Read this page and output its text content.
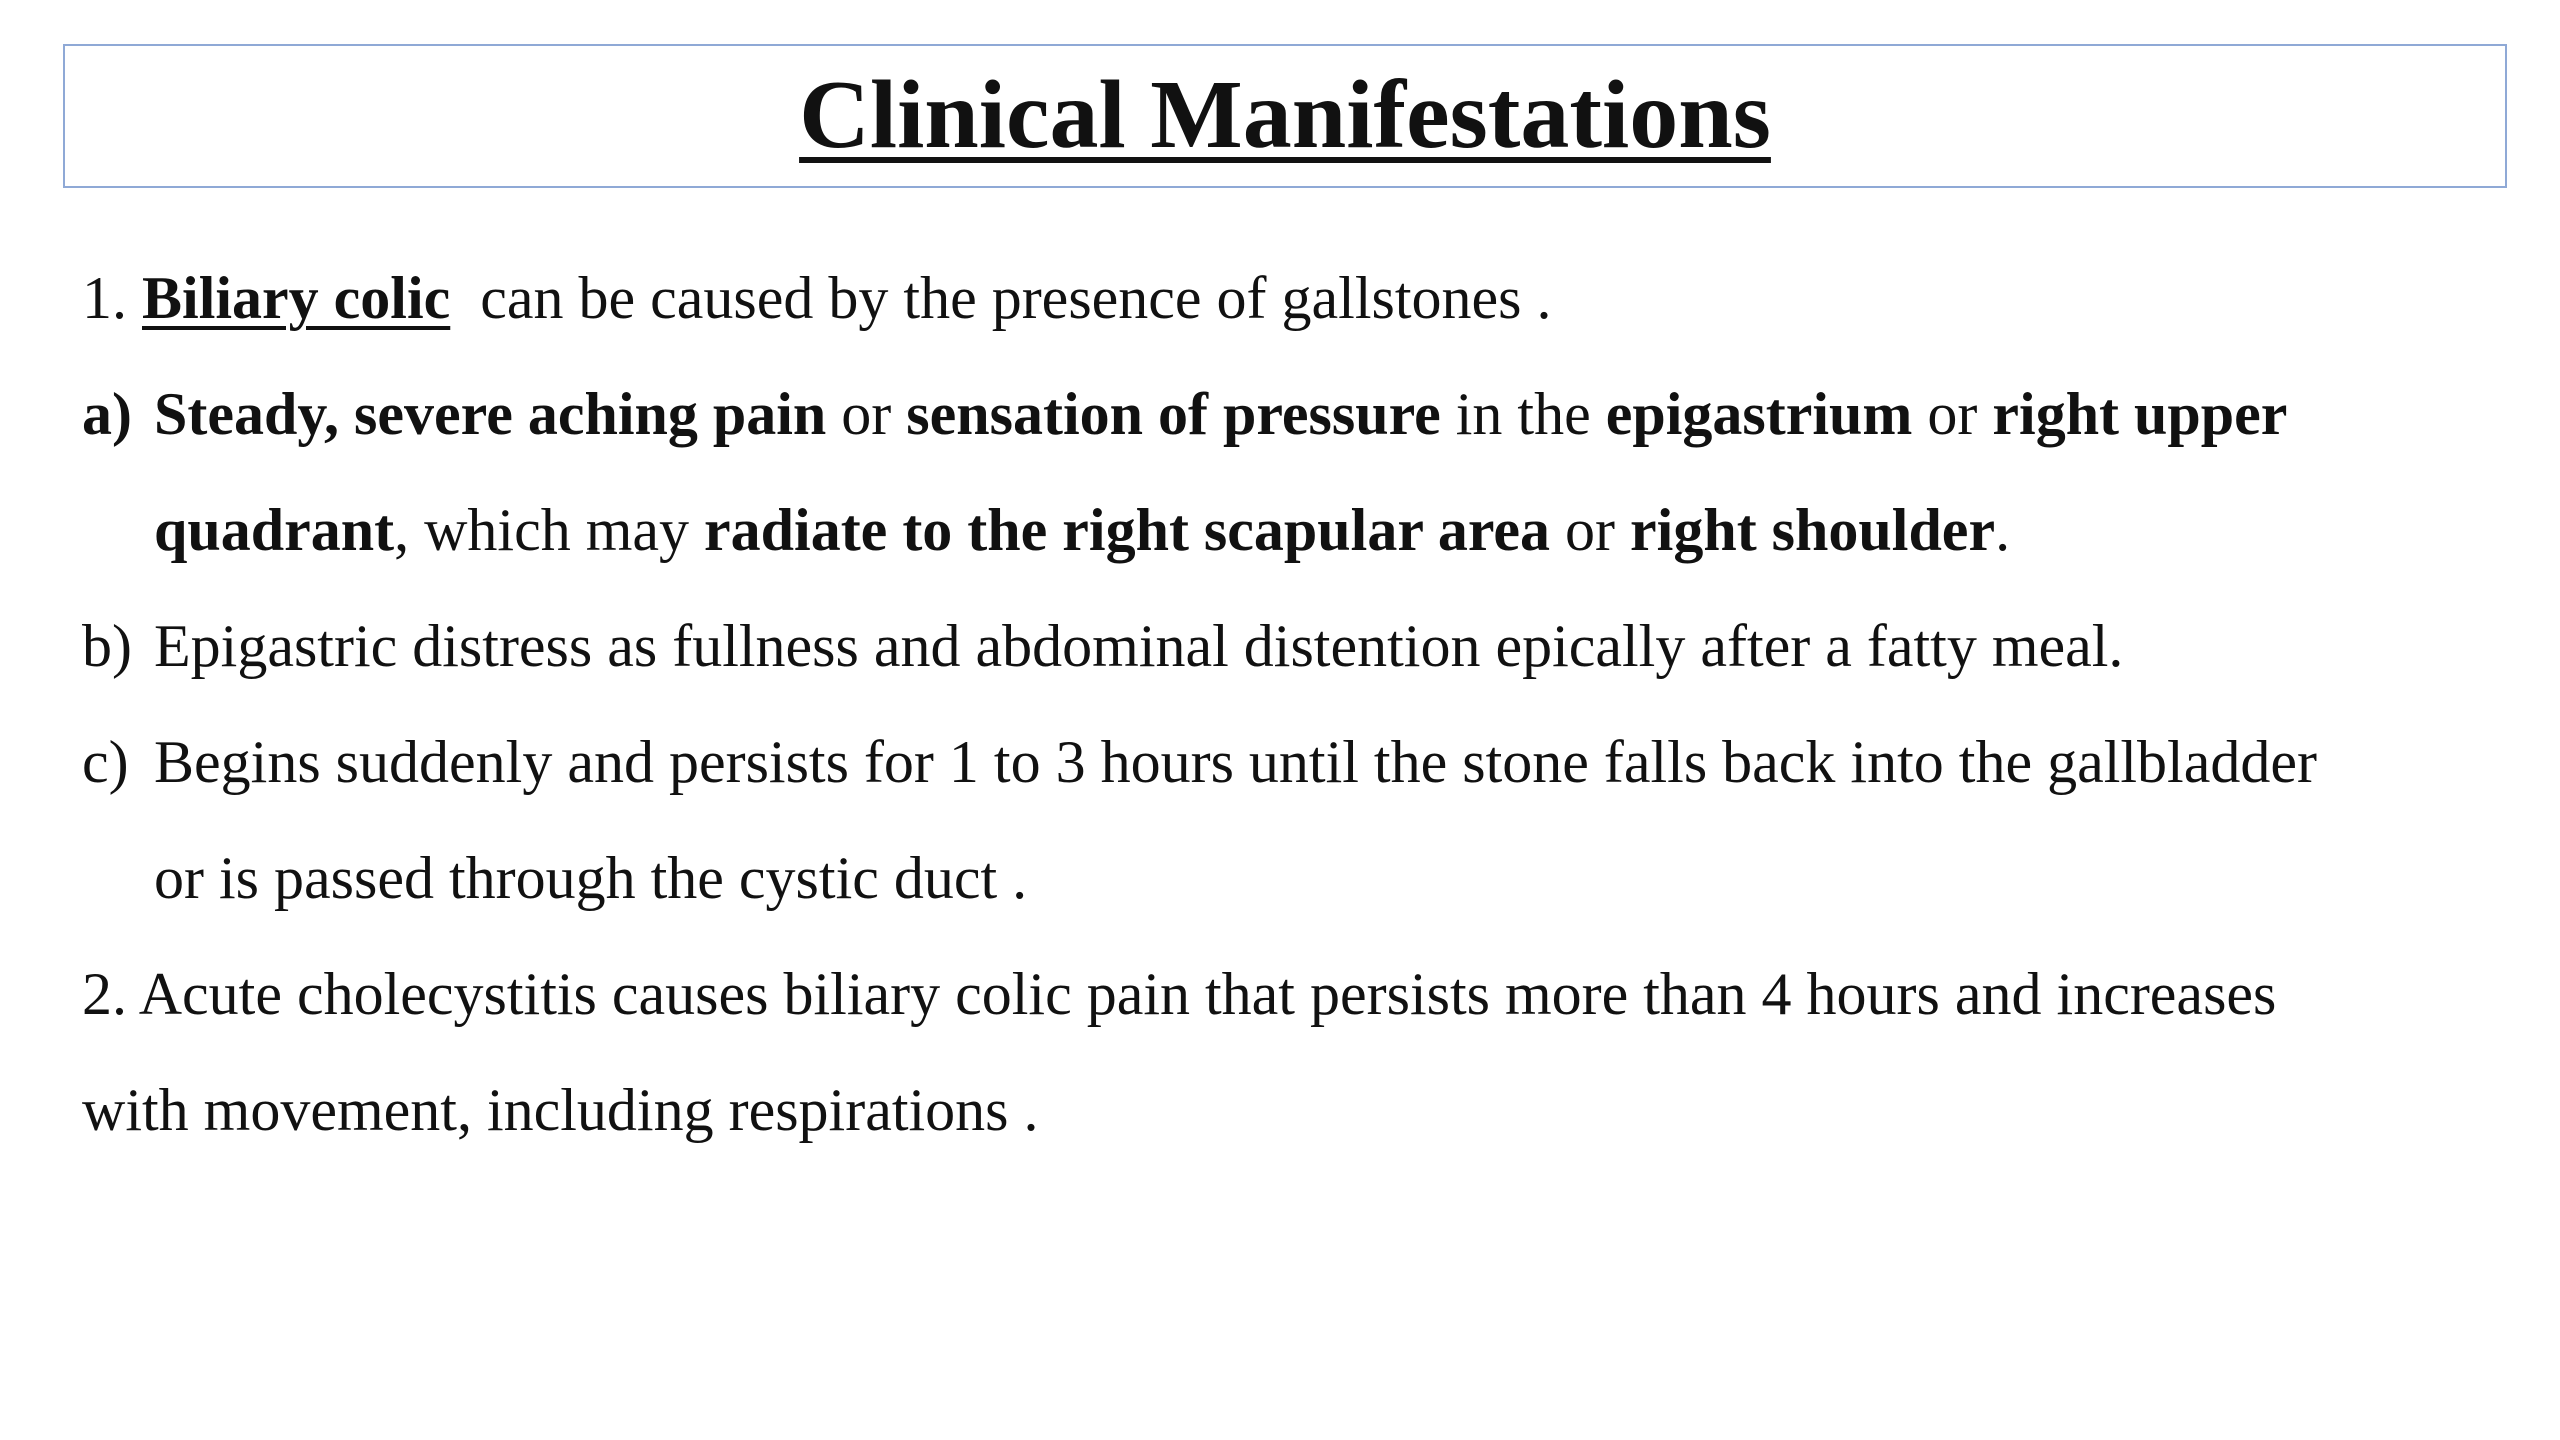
Clinical Manifestations
1. Biliary colic  can be caused by the presence of gallstones .
a)Steady, severe aching pain or sensation of pressure in the epigastrium or right upper
quadrant, which may radiate to the right scapular area or right shoulder.
b)Epigastric distress as fullness and abdominal distention epically after a fatty meal.
c)Begins suddenly and persists for 1 to 3 hours until the stone falls back into the gallbladder
or is passed through the cystic duct .
2. Acute cholecystitis causes biliary colic pain that persists more than 4 hours and increases
with movement, including respirations .
